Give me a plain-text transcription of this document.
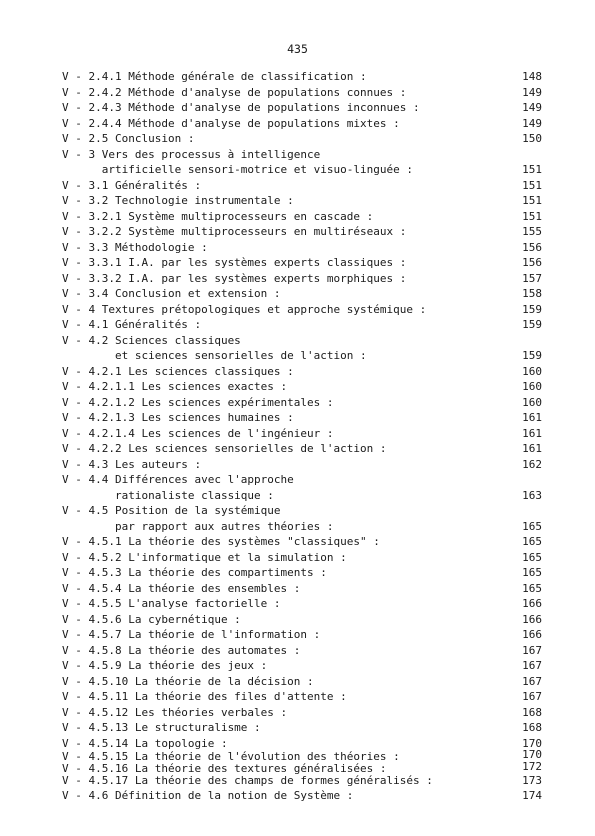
435
V - 2.4.1 Méthode générale de classification :	148
V - 2.4.2 Méthode d'analyse de populations connues :	149
V - 2.4.3 Méthode d'analyse de populations inconnues :	149
V - 2.4.4 Méthode d'analyse de populations mixtes :	149
V - 2.5 Conclusion :	150
V - 3 Vers des processus à intelligence
artificielle sensori-motrice et visuo-linguée :	151
V - 3.1 Généralités :	151
V - 3.2 Technologie instrumentale :	151
V - 3.2.1 Système multiprocesseurs en cascade :	151
V - 3.2.2 Système multiprocesseurs en multiréseaux :	155
V - 3.3 Méthodologie :	156
V - 3.3.1 I.A. par les systèmes experts classiques :	156
V - 3.3.2 I.A. par les systèmes experts morphiques :	157
V - 3.4 Conclusion et extension :	158
V - 4 Textures prétopologiques et approche systémique :	159
V - 4.1 Généralités :	159
V - 4.2 Sciences classiques
et sciences sensorielles de l'action :	159
V - 4.2.1 Les sciences classiques :	160
V - 4.2.1.1 Les sciences exactes :	160
V - 4.2.1.2 Les sciences expérimentales :	160
V - 4.2.1.3 Les sciences humaines :	161
V - 4.2.1.4 Les sciences de l'ingénieur :	161
V - 4.2.2 Les sciences sensorielles de l'action :	161
V - 4.3 Les auteurs :	162
V - 4.4 Différences avec l'approche
rationaliste classique :	163
V - 4.5 Position de la systémique
par rapport aux autres théories :	165
V - 4.5.1 La théorie des systèmes "classiques" :	165
V - 4.5.2 L'informatique et la simulation :	165
V - 4.5.3 La théorie des compartiments :	165
V - 4.5.4 La théorie des ensembles :	165
V - 4.5.5 L'analyse factorielle :	166
V - 4.5.6 La cybernétique :	166
V - 4.5.7 La théorie de l'information :	166
V - 4.5.8 La théorie des automates :	167
V - 4.5.9 La théorie des jeux :	167
V - 4.5.10 La théorie de la décision :	167
V - 4.5.11 La théorie des files d'attente :	167
V - 4.5.12 Les théories verbales :	168
V - 4.5.13 Le structuralisme :	168
V - 4.5.14 La topologie :	170
V - 4.5.15 La théorie de l'évolution des théories :	170
V - 4.5.16 La théorie des textures généralisées :	172
V - 4.5.17 La théorie des champs de formes généralisés :	173
V - 4.6 Définition de la notion de Système :	174
